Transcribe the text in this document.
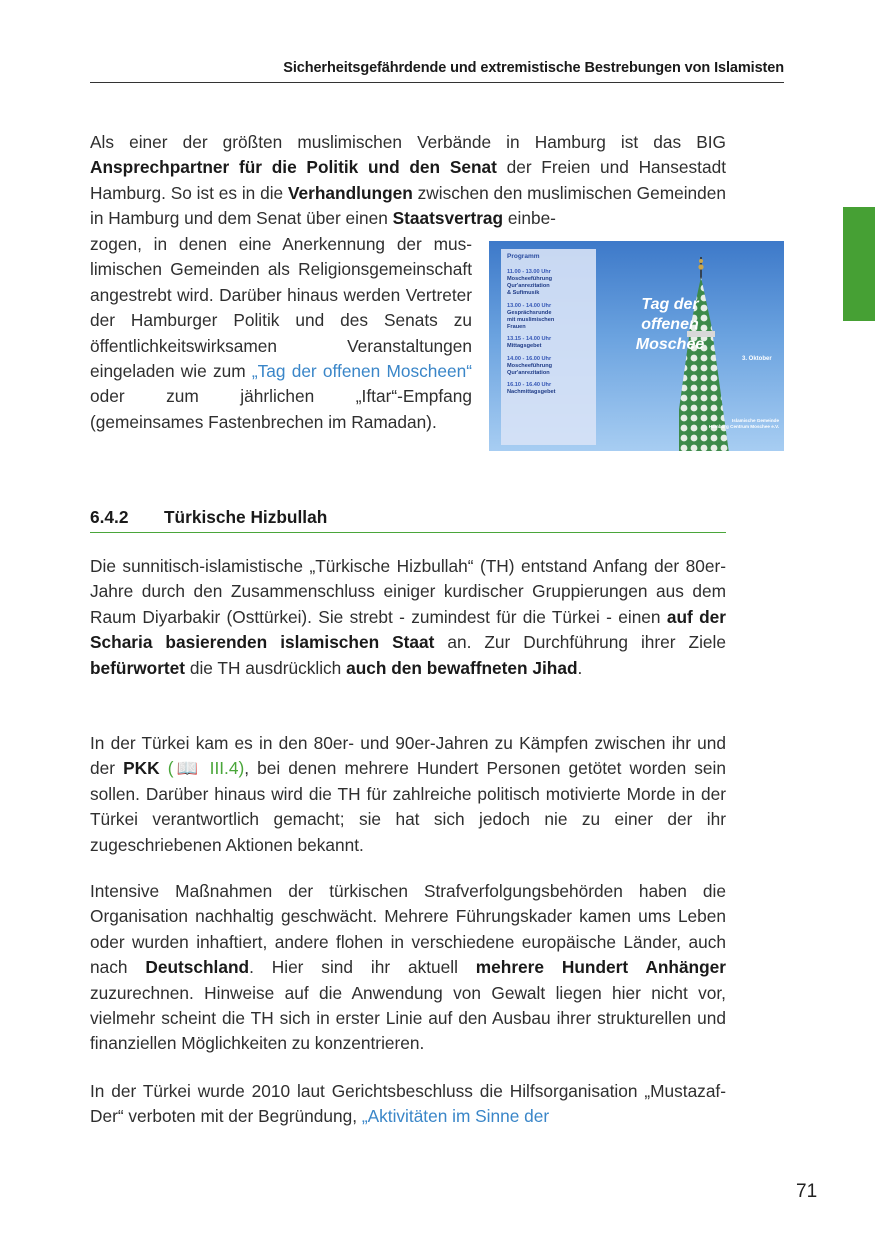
Sicherheitsgefährdende und extremistische Bestrebungen von Islamisten
Als einer der größten muslimischen Verbände in Hamburg ist das BIG Ansprechpartner für die Politik und den Senat der Freien und Hansestadt Hamburg. So ist es in die Verhandlungen zwischen den muslimischen Gemeinden in Hamburg und dem Senat über einen Staatsvertrag einbe-
zogen, in denen eine Anerkennung der muslimischen Gemeinden als Religionsgemeinschaft angestrebt wird. Darüber hinaus werden Vertreter der Hamburger Politik und des Senats zu öffentlichkeitswirksamen Veranstaltungen eingeladen wie zum „Tag der offenen Moscheen“ oder zum jährlichen „Iftar“-Empfang (gemeinsames Fastenbrechen im Ramadan).
Programm
11.00 - 13.00 Uhr
Moscheeführung
Qur'anrezitation
& Sufimusik
13.00 - 14.00 Uhr
Gesprächsrunde
mit muslimischen
Frauen
13.15 - 14.00 Uhr
Mittagsgebet
14.00 - 16.00 Uhr
Moscheeführung
Qur'anrezitation
16.10 - 16.40 Uhr
Nachmittagsgebet
Tag der
offenen
Moschee
3. Oktober
Islamische Gemeinde
Hamburg Centrum Moschee e.V.
6.4.2 Türkische Hizbullah
Die sunnitisch-islamistische „Türkische Hizbullah“ (TH) entstand Anfang der 80er-Jahre durch den Zusammenschluss einiger kurdischer Gruppierungen aus dem Raum Diyarbakir (Osttürkei). Sie strebt - zumindest für die Türkei - einen auf der Scharia basierenden islamischen Staat an. Zur Durchführung ihrer Ziele befürwortet die TH ausdrücklich auch den bewaffneten Jihad.
In der Türkei kam es in den 80er- und 90er-Jahren zu Kämpfen zwischen ihr und der PKK (📖 III.4), bei denen mehrere Hundert Personen getötet worden sein sollen. Darüber hinaus wird die TH für zahlreiche politisch motivierte Morde in der Türkei verantwortlich gemacht; sie hat sich jedoch nie zu einer der ihr zugeschriebenen Aktionen bekannt.
Intensive Maßnahmen der türkischen Strafverfolgungsbehörden haben die Organisation nachhaltig geschwächt. Mehrere Führungskader kamen ums Leben oder wurden inhaftiert, andere flohen in verschiedene europäische Länder, auch nach Deutschland. Hier sind ihr aktuell mehrere Hundert Anhänger zuzurechnen. Hinweise auf die Anwendung von Gewalt liegen hier nicht vor, vielmehr scheint die TH sich in erster Linie auf den Ausbau ihrer strukturellen und finanziellen Möglichkeiten zu konzentrieren.
In der Türkei wurde 2010 laut Gerichtsbeschluss die Hilfsorganisation „Mustazaf-Der“ verboten mit der Begründung, „Aktivitäten im Sinne der
71
